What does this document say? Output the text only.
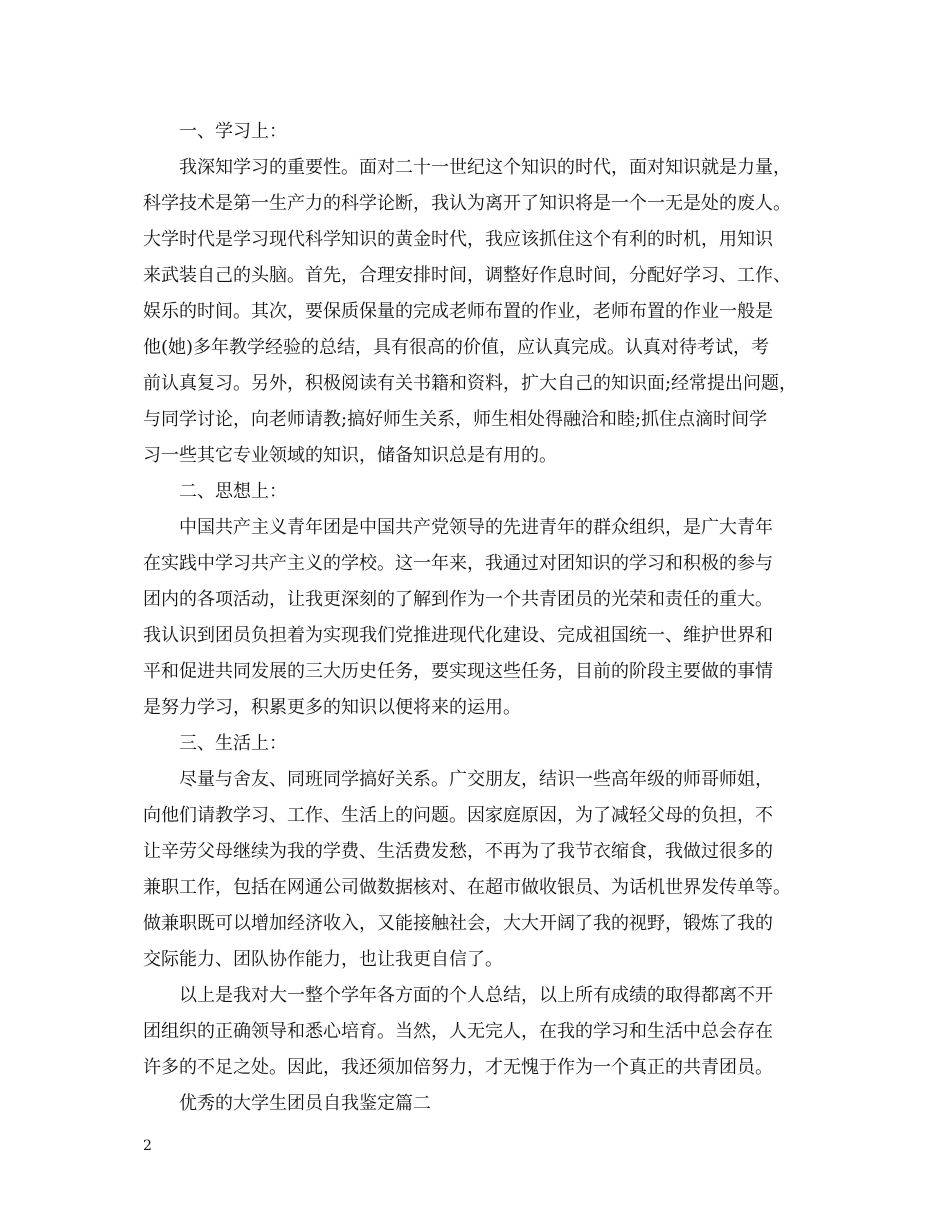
一、学习上：
我深知学习的重要性。面对二十一世纪这个知识的时代，面对知识就是力量，
科学技术是第一生产力的科学论断，我认为离开了知识将是一个一无是处的废人。
大学时代是学习现代科学知识的黄金时代，我应该抓住这个有利的时机，用知识
来武装自己的头脑。首先，合理安排时间，调整好作息时间，分配好学习、工作、
娱乐的时间。其次，要保质保量的完成老师布置的作业，老师布置的作业一般是
他(她)多年教学经验的总结，具有很高的价值，应认真完成。认真对待考试，考
前认真复习。另外，积极阅读有关书籍和资料，扩大自己的知识面;经常提出问题，
与同学讨论，向老师请教;搞好师生关系，师生相处得融洽和睦;抓住点滴时间学
习一些其它专业领域的知识，储备知识总是有用的。
二、思想上：
中国共产主义青年团是中国共产党领导的先进青年的群众组织，是广大青年
在实践中学习共产主义的学校。这一年来，我通过对团知识的学习和积极的参与
团内的各项活动，让我更深刻的了解到作为一个共青团员的光荣和责任的重大。
我认识到团员负担着为实现我们党推进现代化建设、完成祖国统一、维护世界和
平和促进共同发展的三大历史任务，要实现这些任务，目前的阶段主要做的事情
是努力学习，积累更多的知识以便将来的运用。
三、生活上：
尽量与舍友、同班同学搞好关系。广交朋友，结识一些高年级的师哥师姐，
向他们请教学习、工作、生活上的问题。因家庭原因，为了减轻父母的负担，不
让辛劳父母继续为我的学费、生活费发愁，不再为了我节衣缩食，我做过很多的
兼职工作，包括在网通公司做数据核对、在超市做收银员、为话机世界发传单等。
做兼职既可以增加经济收入，又能接触社会，大大开阔了我的视野，锻炼了我的
交际能力、团队协作能力，也让我更自信了。
以上是我对大一整个学年各方面的个人总结，以上所有成绩的取得都离不开
团组织的正确领导和悉心培育。当然，人无完人，在我的学习和生活中总会存在
许多的不足之处。因此，我还须加倍努力，才无愧于作为一个真正的共青团员。
优秀的大学生团员自我鉴定篇二
2
